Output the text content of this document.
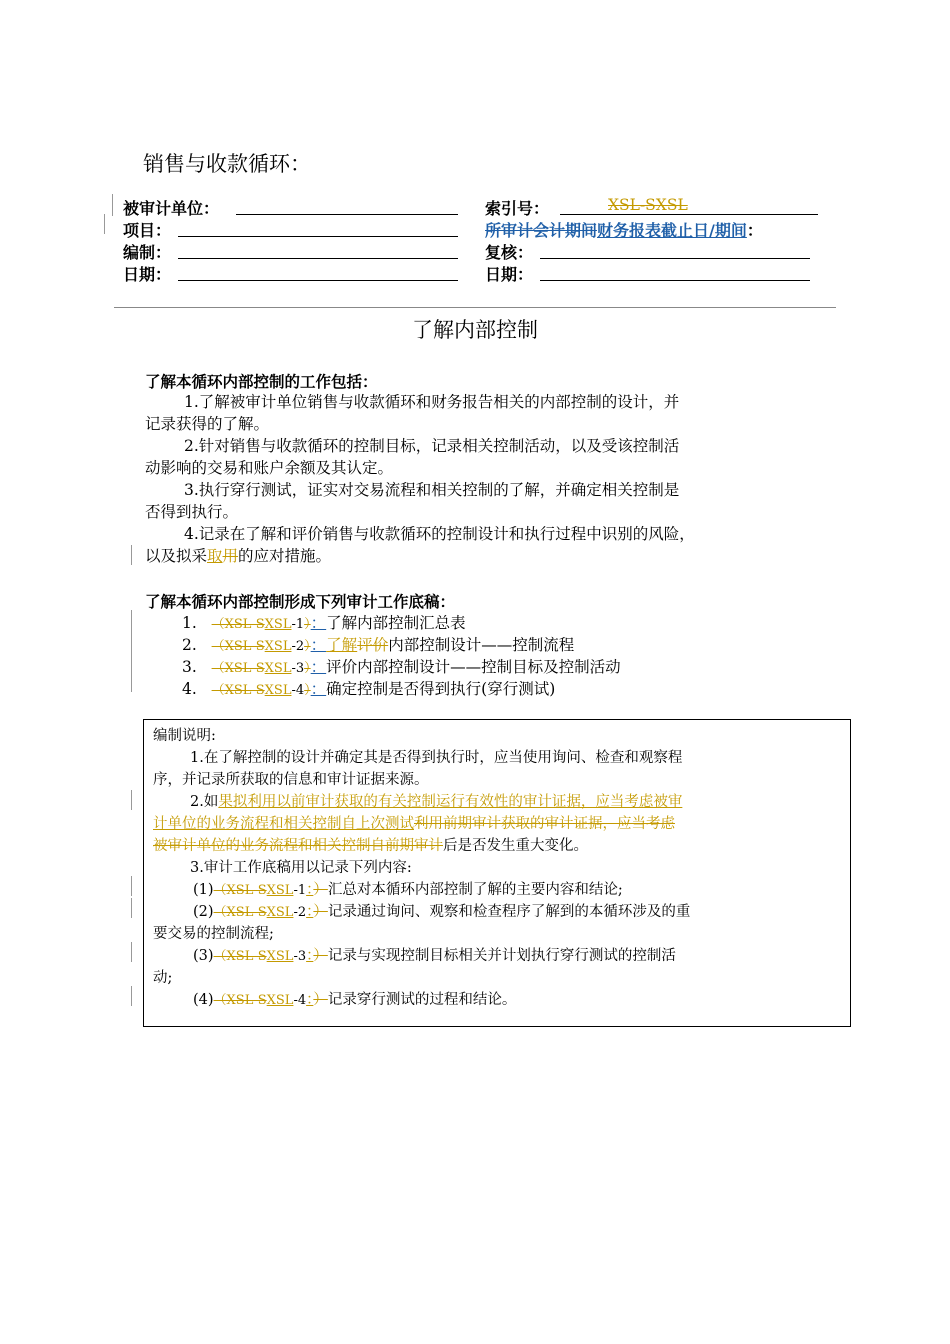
销售与收款循环：
被审计单位：	索引号：	XSL-SXSL
项目：	所审计会计期间财务报表截止日/期间：
编制：	复核：
日期：	日期：
了解内部控制
了解本循环内部控制的工作包括：
1.了解被审计单位销售与收款循环和财务报告相关的内部控制的设计，并
记录获得的了解。
2.针对销售与收款循环的控制目标，记录相关控制活动，以及受该控制活
动影响的交易和账户余额及其认定。
3.执行穿行测试，证实对交易流程和相关控制的了解，并确定相关控制是
否得到执行。
4.记录在了解和评价销售与收款循环的控制设计和执行过程中识别的风险，
以及拟采取用的应对措施。
了解本循环内部控制形成下列审计工作底稿：
1. （XSL-SXSL-1）：了解内部控制汇总表
2. （XSL-SXSL-2）：了解评价内部控制设计——控制流程
3. （XSL-SXSL-3）：评价内部控制设计——控制目标及控制活动
4. （XSL-SXSL-4）：确定控制是否得到执行(穿行测试)
编制说明:
1.在了解控制的设计并确定其是否得到执行时，应当使用询问、检查和观察程
序，并记录所获取的信息和审计证据来源。
2.如果拟利用以前审计获取的有关控制运行有效性的审计证据，应当考虑被审
计单位的业务流程和相关控制自上次测试利用前期审计获取的审计证据，应当考虑
被审计单位的业务流程和相关控制自前期审计后是否发生重大变化。
3.审计工作底稿用以记录下列内容:
(1)（XSL-SXSL-1：）汇总对本循环内部控制了解的主要内容和结论;
(2)（XSL-SXSL-2：）记录通过询问、观察和检查程序了解到的本循环涉及的重
要交易的控制流程;
(3)（XSL-SXSL-3：）记录与实现控制目标相关并计划执行穿行测试的控制活
动;
(4)（XSL-SXSL-4：）记录穿行测试的过程和结论。
